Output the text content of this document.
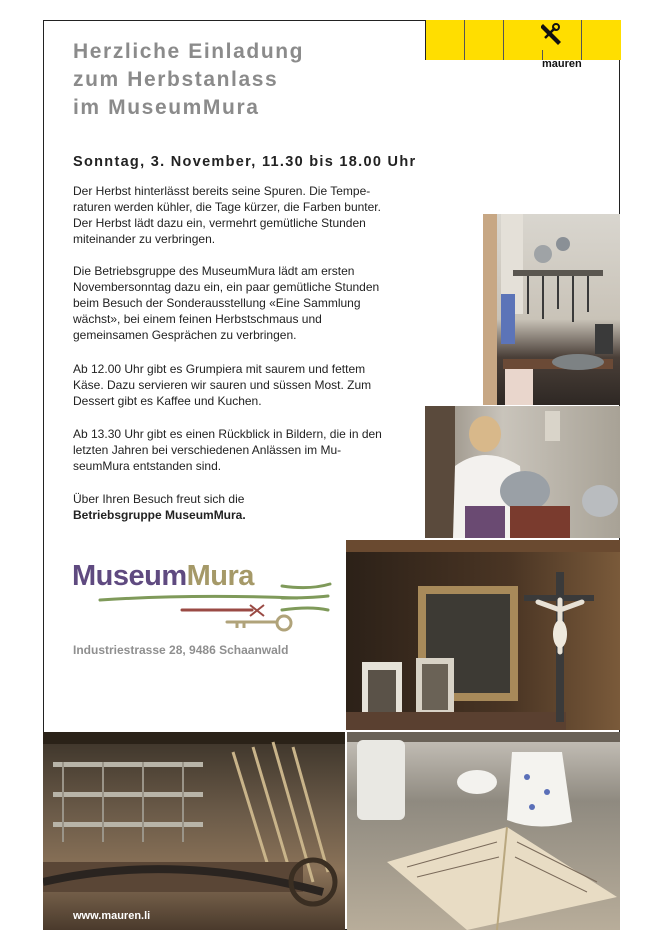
mauren
Herzliche Einladung
zum Herbstanlass
im MuseumMura
Sonntag, 3. November, 11.30 bis 18.00 Uhr
Der Herbst hinterlässt bereits seine Spuren. Die Temperaturen werden kühler, die Tage kürzer, die Farben bunter. Der Herbst lädt dazu ein, vermehrt gemütliche Stunden miteinander zu verbringen.
Die Betriebsgruppe des MuseumMura lädt am ersten Novembersonntag dazu ein, ein paar gemütliche Stunden beim Besuch der Sonderausstellung «Eine Sammlung wächst», bei einem feinen Herbstschmaus und gemeinsamen Gesprächen zu verbringen.
Ab 12.00 Uhr gibt es Grumpiera mit saurem und fettem Käse. Dazu servieren wir sauren und süssen Most. Zum Dessert gibt es Kaffee und Kuchen.
Ab 13.30 Uhr gibt es einen Rückblick in Bildern, die in den letzten Jahren bei verschiedenen Anlässen im MuseumMura entstanden sind.
Über Ihren Besuch freut sich die
Betriebsgruppe MuseumMura.
MuseumMura
Industriestrasse 28, 9486 Schaanwald
www.mauren.li
